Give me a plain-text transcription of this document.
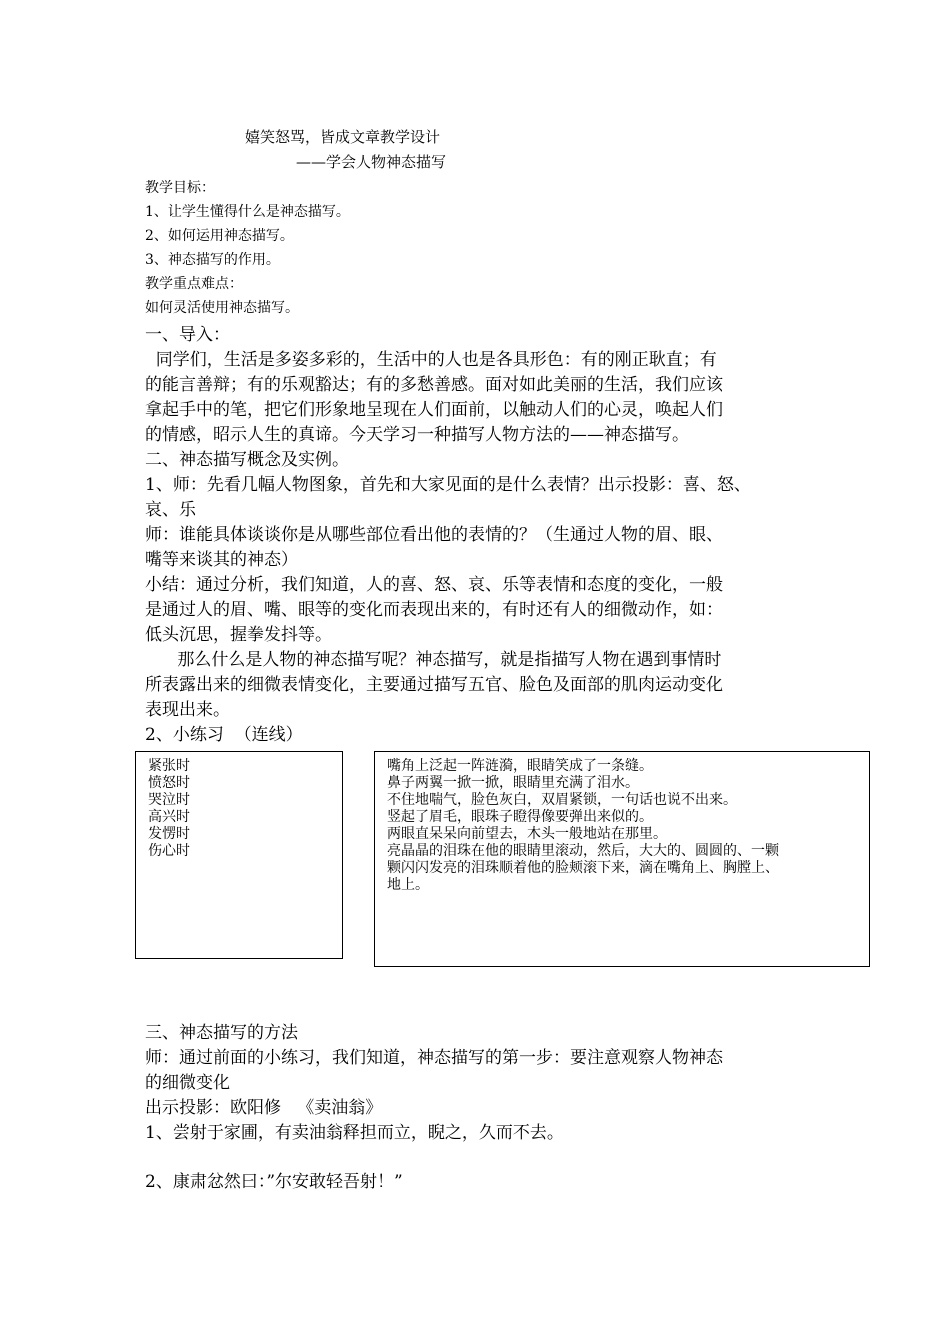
嬉笑怒骂，皆成文章教学设计
——学会人物神态描写
教学目标：
1、让学生懂得什么是神态描写。
2、如何运用神态描写。
3、神态描写的作用。
教学重点难点：
如何灵活使用神态描写。
一、导入：
同学们，生活是多姿多彩的，生活中的人也是各具形色：有的刚正耿直；有
的能言善辩；有的乐观豁达；有的多愁善感。面对如此美丽的生活，我们应该
拿起手中的笔，把它们形象地呈现在人们面前，以触动人们的心灵，唤起人们
的情感，昭示人生的真谛。今天学习一种描写人物方法的——神态描写。
二、神态描写概念及实例。
1、师：先看几幅人物图象，首先和大家见面的是什么表情？出示投影：喜、怒、
哀、乐
师：谁能具体谈谈你是从哪些部位看出他的表情的？（生通过人物的眉、眼、
嘴等来谈其的神态）
小结：通过分析，我们知道，人的喜、怒、哀、乐等表情和态度的变化，一般
是通过人的眉、嘴、眼等的变化而表现出来的，有时还有人的细微动作，如：
低头沉思，握拳发抖等。
那么什么是人物的神态描写呢？神态描写，就是指描写人物在遇到事情时
所表露出来的细微表情变化，主要通过描写五官、脸色及面部的肌肉运动变化
表现出来。
2、小练习  （连线）
紧张时
愤怒时
哭泣时
高兴时
发愣时
伤心时
嘴角上泛起一阵涟漪，眼睛笑成了一条缝。
鼻子两翼一掀一掀，眼睛里充满了泪水。
不住地喘气，脸色灰白，双眉紧锁，一句话也说不出来。
竖起了眉毛，眼珠子瞪得像要弹出来似的。
两眼直呆呆向前望去，木头一般地站在那里。
亮晶晶的泪珠在他的眼睛里滚动，然后，大大的、圆圆的、一颗
颗闪闪发亮的泪珠顺着他的脸颊滚下来，滴在嘴角上、胸膛上、
地上。
三、神态描写的方法
师：通过前面的小练习，我们知道，神态描写的第一步：要注意观察人物神态
的细微变化
出示投影：欧阳修   《卖油翁》
1、尝射于家圃，有卖油翁释担而立，睨之，久而不去。
2、康肃忿然曰：”尔安敢轻吾射！”
